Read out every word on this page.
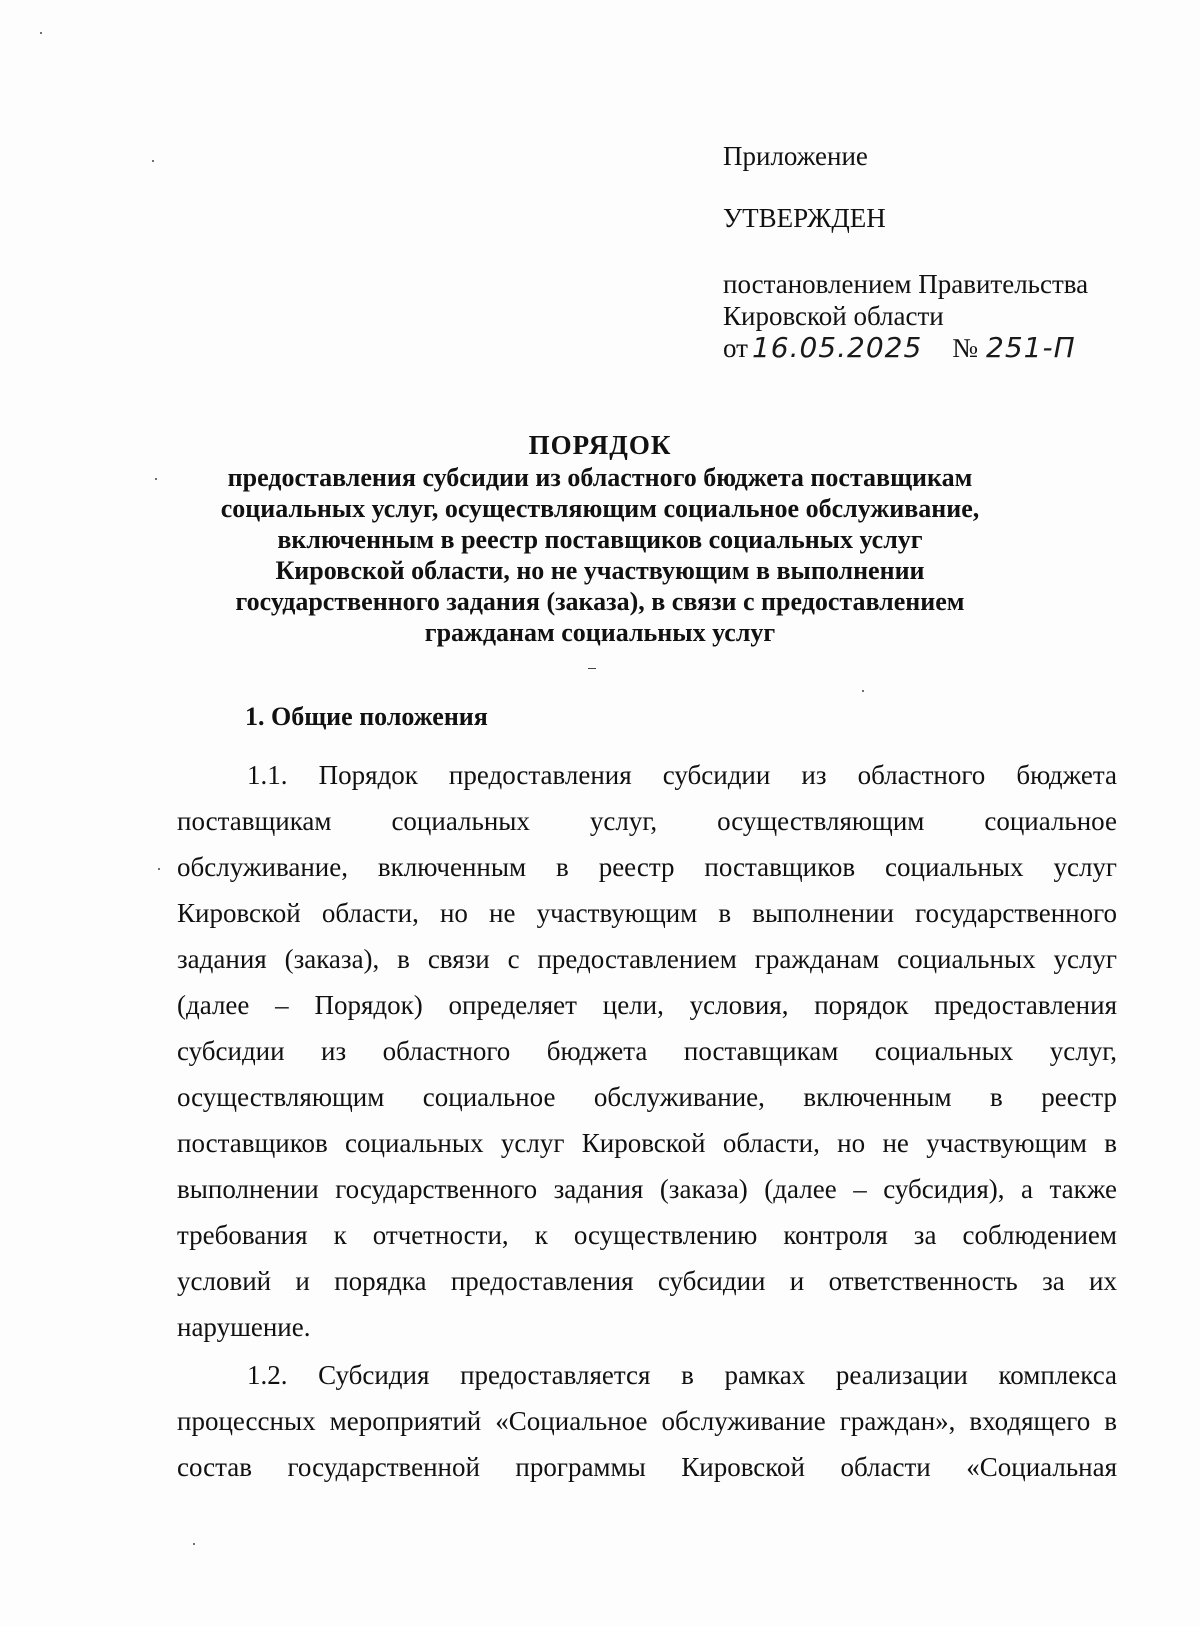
Приложение
УТВЕРЖДЕН
постановлением Правительства
Кировской области
от 16.05.2025 № 251-П
ПОРЯДОК
предоставления субсидии из областного бюджета поставщикам
социальных услуг, осуществляющим социальное обслуживание,
включенным в реестр поставщиков социальных услуг
Кировской области, но не участвующим в выполнении
государственного задания (заказа), в связи с предоставлением
гражданам социальных услуг
1. Общие положения
1.1. Порядок предоставления субсидии из областного бюджета
поставщикам социальных услуг, осуществляющим социальное
обслуживание, включенным в реестр поставщиков социальных услуг
Кировской области, но не участвующим в выполнении государственного
задания (заказа), в связи с предоставлением гражданам социальных услуг
(далее – Порядок) определяет цели, условия, порядок предоставления
субсидии из областного бюджета поставщикам социальных услуг,
осуществляющим социальное обслуживание, включенным в реестр
поставщиков социальных услуг Кировской области, но не участвующим в
выполнении государственного задания (заказа) (далее – субсидия), а также
требования к отчетности, к осуществлению контроля за соблюдением
условий и порядка предоставления субсидии и ответственность за их
нарушение.
1.2. Субсидия предоставляется в рамках реализации комплекса
процессных мероприятий «Социальное обслуживание граждан», входящего в
состав государственной программы Кировской области «Социальная
